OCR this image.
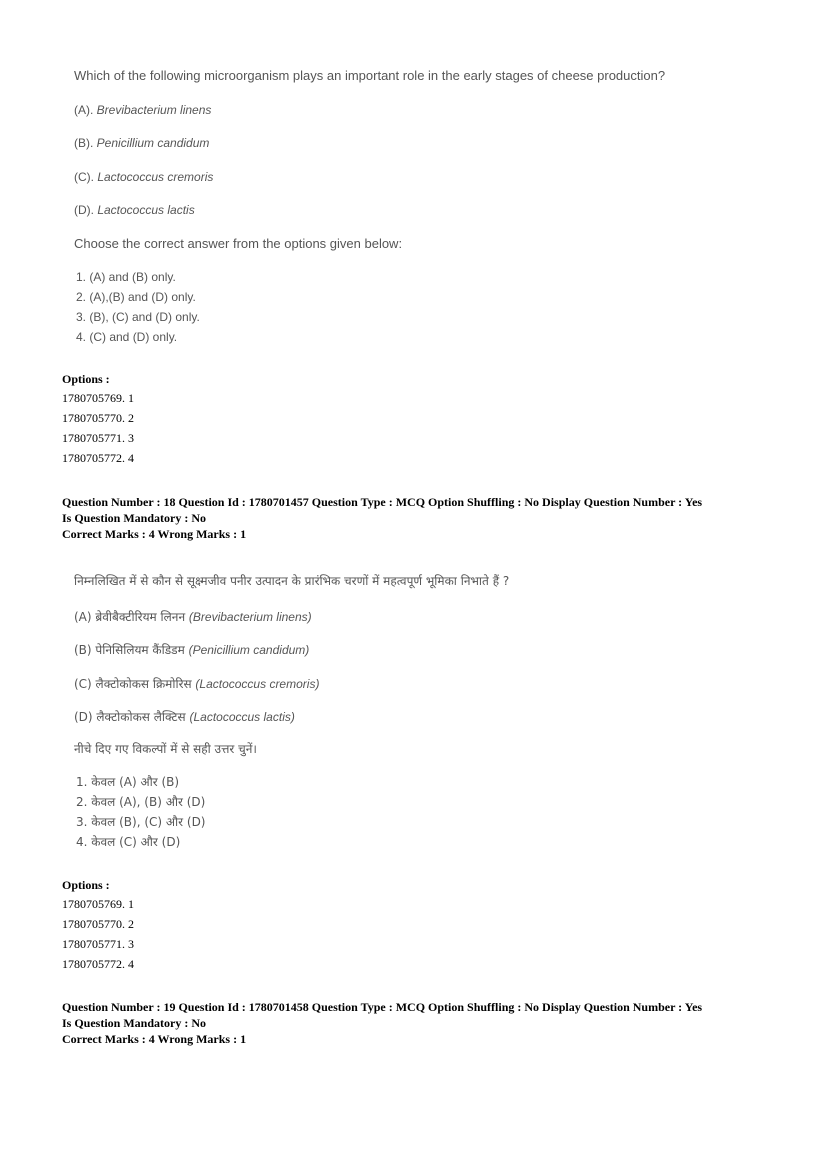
Which of the following microorganism plays an important role in the early stages of cheese production?

(A). Brevibacterium linens

(B). Penicillium candidum

(C). Lactococcus cremoris

(D). Lactococcus lactis

Choose the correct answer from the options given below:

1. (A) and (B) only.
2. (A),(B) and (D) only.
3. (B), (C) and (D) only.
4. (C) and (D) only.
Options :
1780705769. 1
1780705770. 2
1780705771. 3
1780705772. 4
Question Number : 18 Question Id : 1780701457 Question Type : MCQ Option Shuffling : No Display Question Number : Yes
Is Question Mandatory : No
Correct Marks : 4 Wrong Marks : 1

निम्नलिखित में से कौन से सूक्ष्मजीव पनीर उत्पादन के प्रारंभिक चरणों में महत्वपूर्ण भूमिका निभाते हैं ?

(A) ब्रेवीबैक्टीरियम लिनन (Brevibacterium linens)

(B) पेनिसिलियम कैंडिडम (Penicillium candidum)

(C) लैक्टोकोकस क्रिमोरिस (Lactococcus cremoris)

(D) लैक्टोकोकस लैक्टिस (Lactococcus lactis)

नीचे दिए गए विकल्पों में से सही उत्तर चुनें।

1. केवल (A) और (B)
2. केवल (A), (B) और (D)
3. केवल (B), (C) और (D)
4. केवल (C) और (D)
Options :
1780705769. 1
1780705770. 2
1780705771. 3
1780705772. 4
Question Number : 19 Question Id : 1780701458 Question Type : MCQ Option Shuffling : No Display Question Number : Yes
Is Question Mandatory : No
Correct Marks : 4 Wrong Marks : 1
